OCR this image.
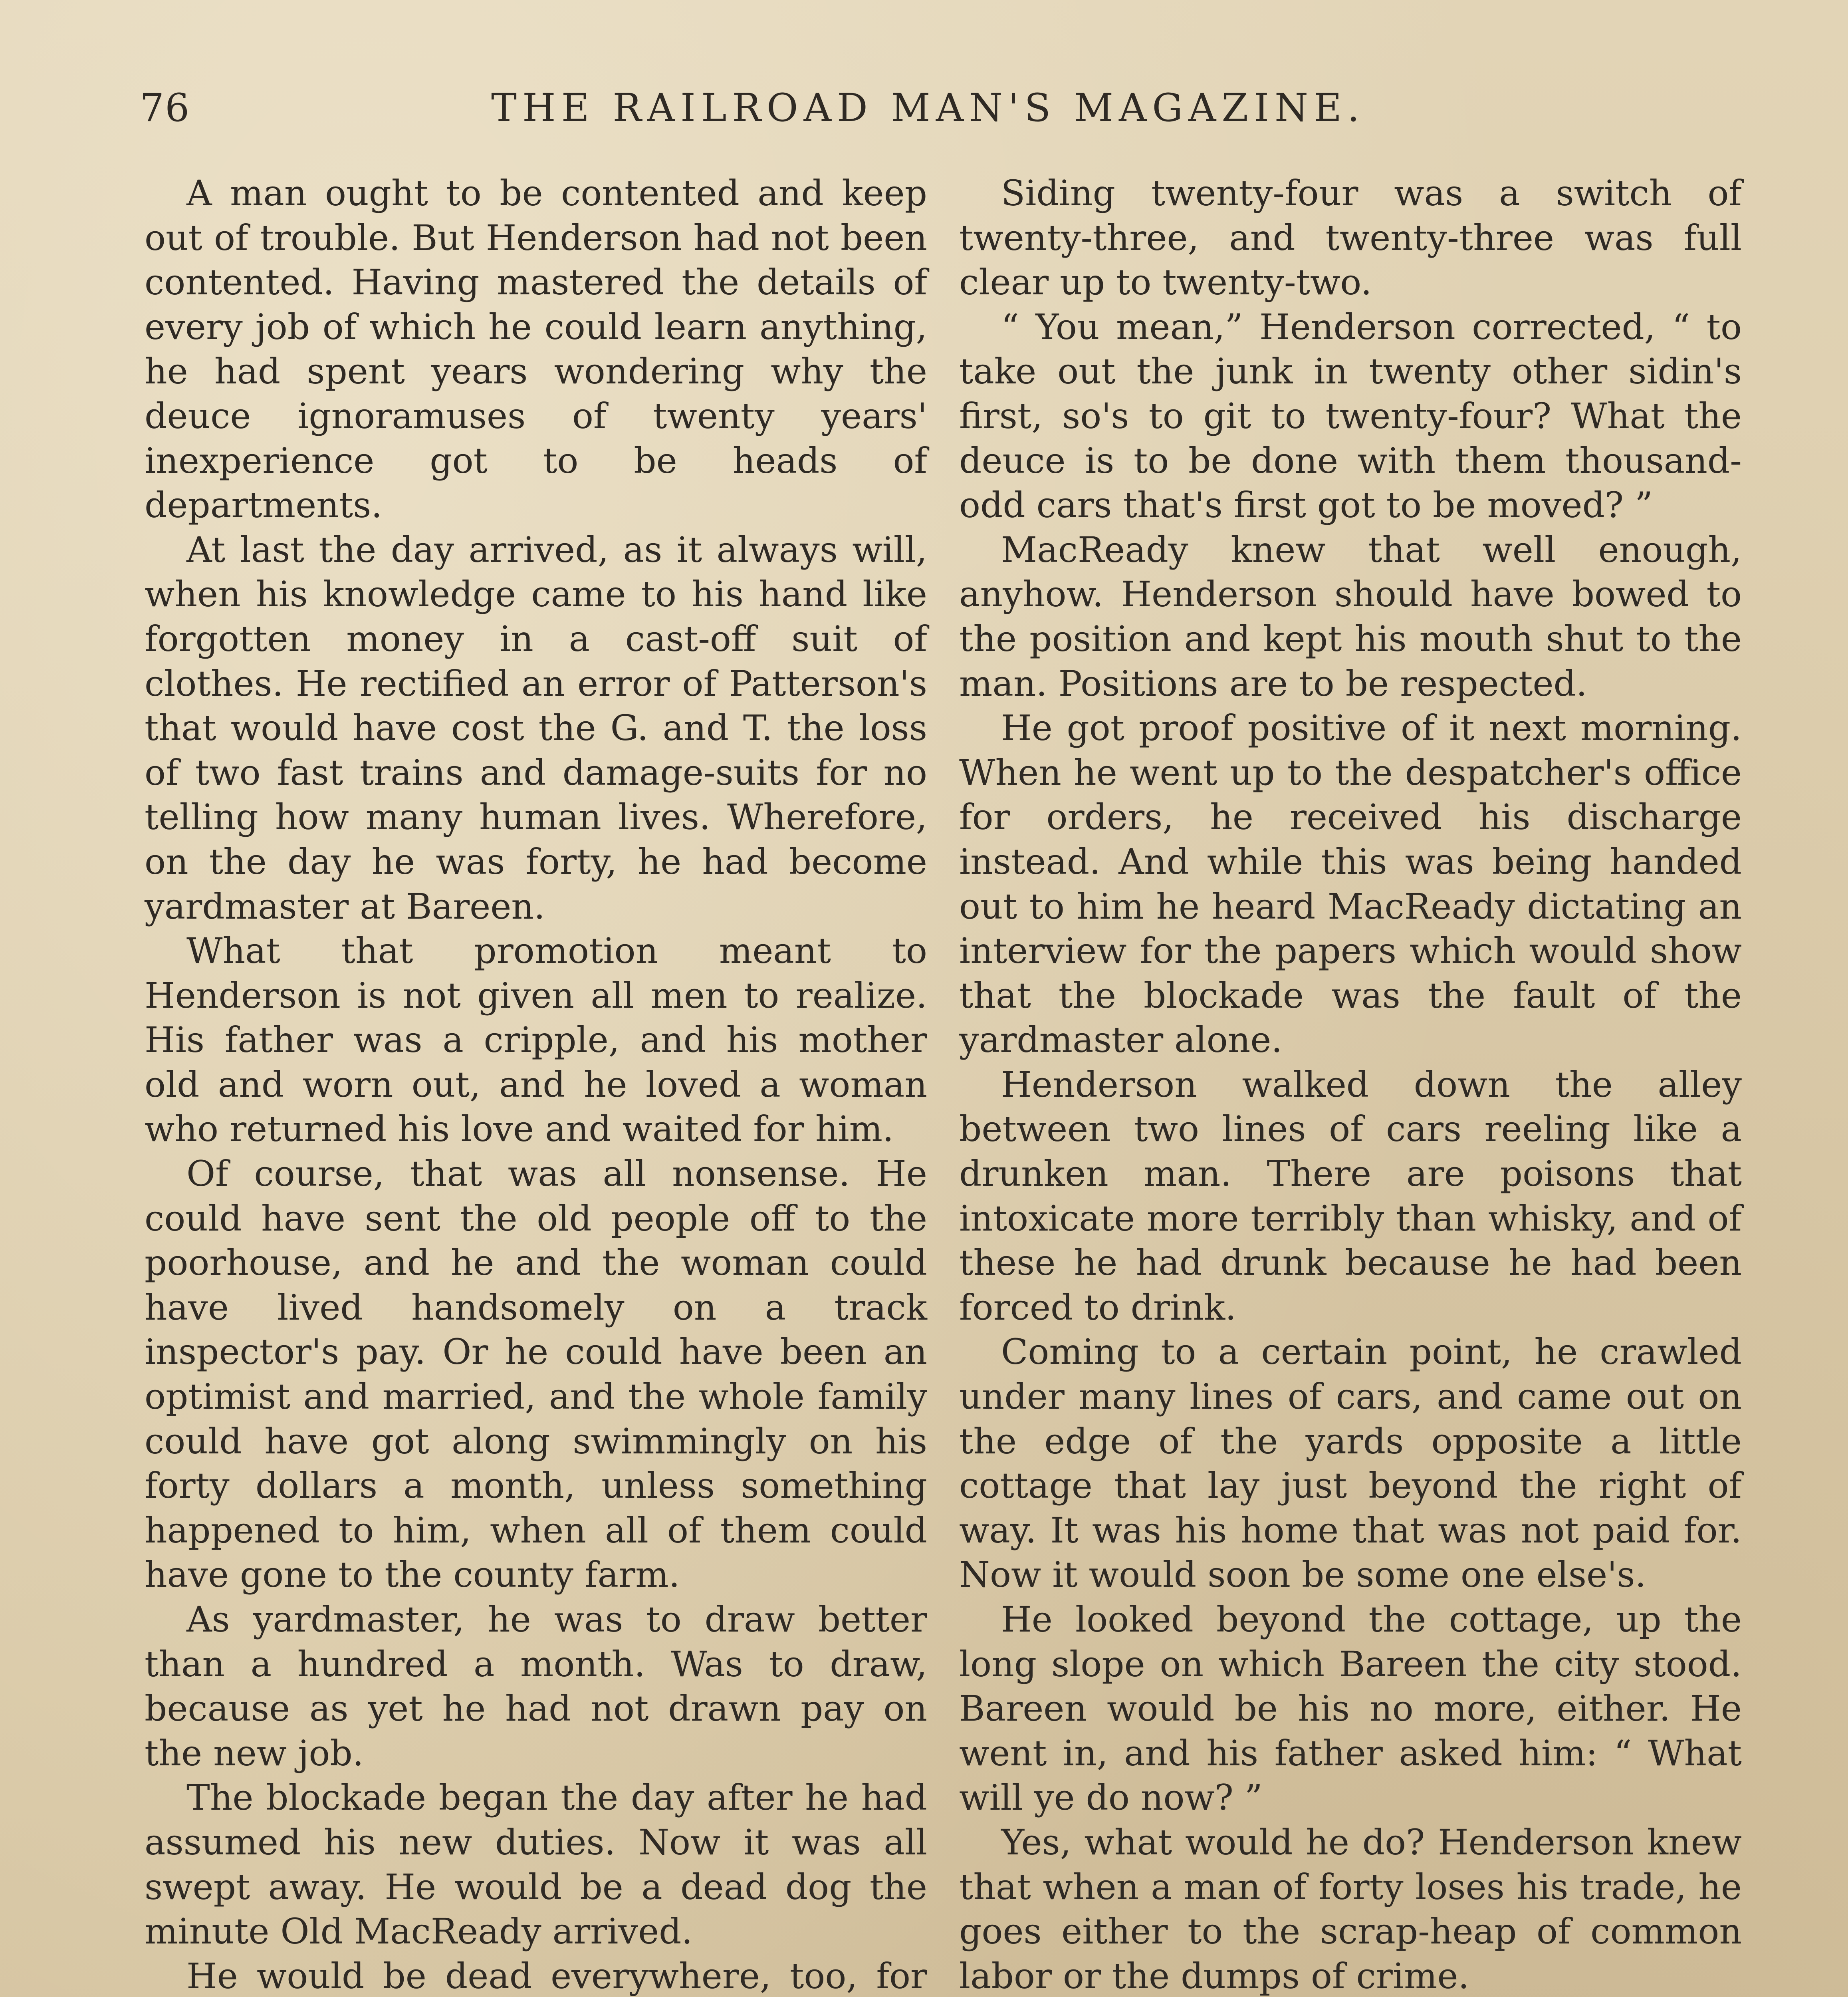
76	THE RAILROAD MAN'S MAGAZINE.

A man ought to be contented and keep out of trouble. But Henderson had not been contented. Having mastered the details of every job of which he could learn anything, he had spent years wondering why the deuce ignoramuses of twenty years' inexperience got to be heads of departments.

At last the day arrived, as it always will, when his knowledge came to his hand like forgotten money in a cast-off suit of clothes. He rectified an error of Patterson's that would have cost the G. and T. the loss of two fast trains and damage-suits for no telling how many human lives. Wherefore, on the day he was forty, he had become yardmaster at Bareen.

What that promotion meant to Henderson is not given all men to realize. His father was a cripple, and his mother old and worn out, and he loved a woman who returned his love and waited for him.

Of course, that was all nonsense. He could have sent the old people off to the poorhouse, and he and the woman could have lived handsomely on a track inspector's pay. Or he could have been an optimist and married, and the whole family could have got along swimmingly on his forty dollars a month, unless something happened to him, when all of them could have gone to the county farm.

As yardmaster, he was to draw better than a hundred a month. Was to draw, because as yet he had not drawn pay on the new job.

The blockade began the day after he had assumed his new duties. Now it was all swept away. He would be a dead dog the minute Old MacReady arrived.

He would be dead everywhere, too, for

Siding twenty-four was a switch of twenty-three, and twenty-three was full clear up to twenty-two.

“ You mean,” Henderson corrected, “ to take out the junk in twenty other sidin's first, so's to git to twenty-four? What the deuce is to be done with them thousand-odd cars that's first got to be moved? ”

MacReady knew that well enough, anyhow. Henderson should have bowed to the position and kept his mouth shut to the man. Positions are to be respected.

He got proof positive of it next morning. When he went up to the despatcher's office for orders, he received his discharge instead. And while this was being handed out to him he heard MacReady dictating an interview for the papers which would show that the blockade was the fault of the yardmaster alone.

Henderson walked down the alley between two lines of cars reeling like a drunken man. There are poisons that intoxicate more terribly than whisky, and of these he had drunk because he had been forced to drink.

Coming to a certain point, he crawled under many lines of cars, and came out on the edge of the yards opposite a little cottage that lay just beyond the right of way. It was his home that was not paid for. Now it would soon be some one else's.

He looked beyond the cottage, up the long slope on which Bareen the city stood. Bareen would be his no more, either. He went in, and his father asked him: “ What will ye do now? ”

Yes, what would he do? Henderson knew that when a man of forty loses his trade, he goes either to the scrap-heap of common labor or the dumps of crime.
